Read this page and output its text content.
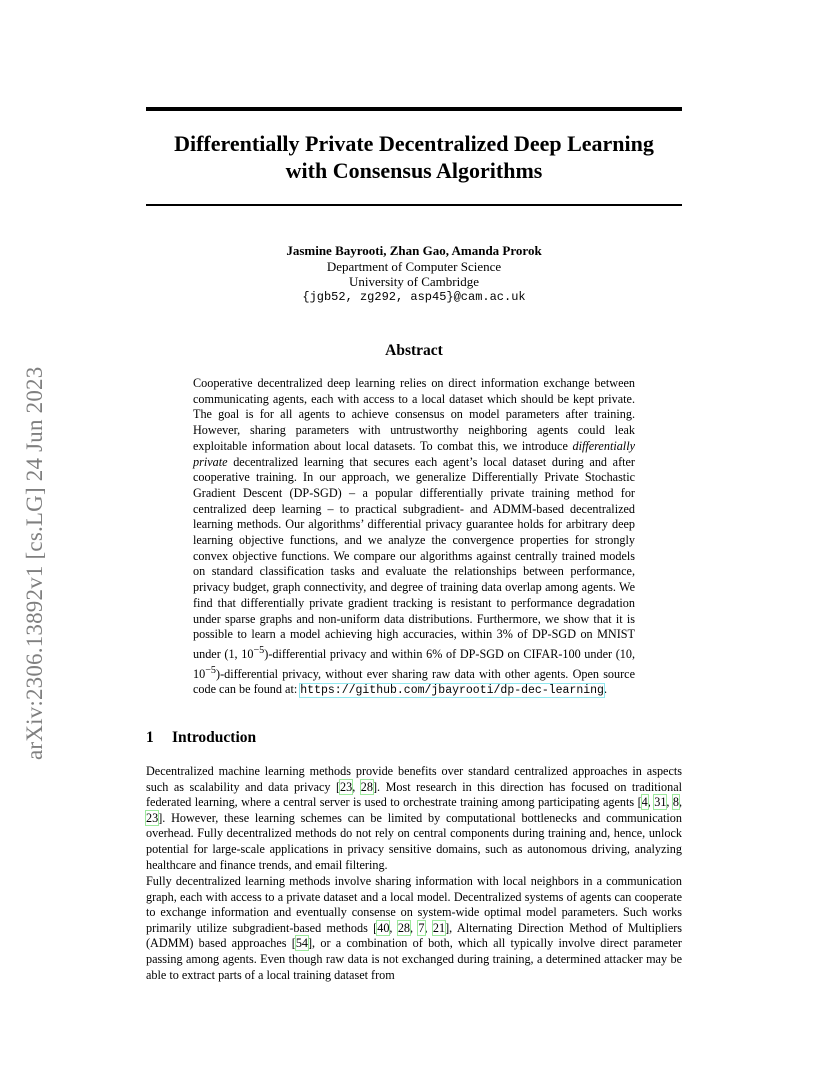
arXiv:2306.13892v1 [cs.LG] 24 Jun 2023
Differentially Private Decentralized Deep Learning
with Consensus Algorithms
Jasmine Bayrooti, Zhan Gao, Amanda Prorok
Department of Computer Science
University of Cambridge
{jgb52, zg292, asp45}@cam.ac.uk
Abstract

Cooperative decentralized deep learning relies on direct information exchange between communicating agents, each with access to a local dataset which should be kept private. The goal is for all agents to achieve consensus on model parameters after training. However, sharing parameters with untrustworthy neighboring agents could leak exploitable information about local datasets. To combat this, we introduce differentially private decentralized learning that secures each agent’s local dataset during and after cooperative training. In our approach, we generalize Differentially Private Stochastic Gradient Descent (DP-SGD) – a popular differentially private training method for centralized deep learning – to practical subgradient- and ADMM-based decentralized learning methods. Our algorithms’ differential privacy guarantee holds for arbitrary deep learning objective functions, and we analyze the convergence properties for strongly convex objective functions. We compare our algorithms against centrally trained models on standard classification tasks and evaluate the relationships between performance, privacy budget, graph connectivity, and degree of training data overlap among agents. We find that differentially private gradient tracking is resistant to performance degradation under sparse graphs and non-uniform data distributions. Furthermore, we show that it is possible to learn a model achieving high accuracies, within 3% of DP-SGD on MNIST under (1, $10^{-5}$)-differential privacy and within 6% of DP-SGD on CIFAR-100 under (10, $10^{-5}$)-differential privacy, without ever sharing raw data with other agents. Open source code can be found at: https://github.com/jbayrooti/dp-dec-learning.

1 Introduction

Decentralized machine learning methods provide benefits over standard centralized approaches in aspects such as scalability and data privacy [23, 28]. Most research in this direction has focused on traditional federated learning, where a central server is used to orchestrate training among participating agents [4, 31, 8, 23]. However, these learning schemes can be limited by computational bottlenecks and communication overhead. Fully decentralized methods do not rely on central components during training and, hence, unlock potential for large-scale applications in privacy sensitive domains, such as autonomous driving, analyzing healthcare and finance trends, and email filtering.

Fully decentralized learning methods involve sharing information with local neighbors in a communication graph, each with access to a private dataset and a local model. Decentralized systems of agents can cooperate to exchange information and eventually consense on system-wide optimal model parameters. Such works primarily utilize subgradient-based methods [40, 28, 7, 21], Alternating Direction Method of Multipliers (ADMM) based approaches [54], or a combination of both, which all typically involve direct parameter passing among agents. Even though raw data is not exchanged during training, a determined attacker may be able to extract parts of a local training dataset from
